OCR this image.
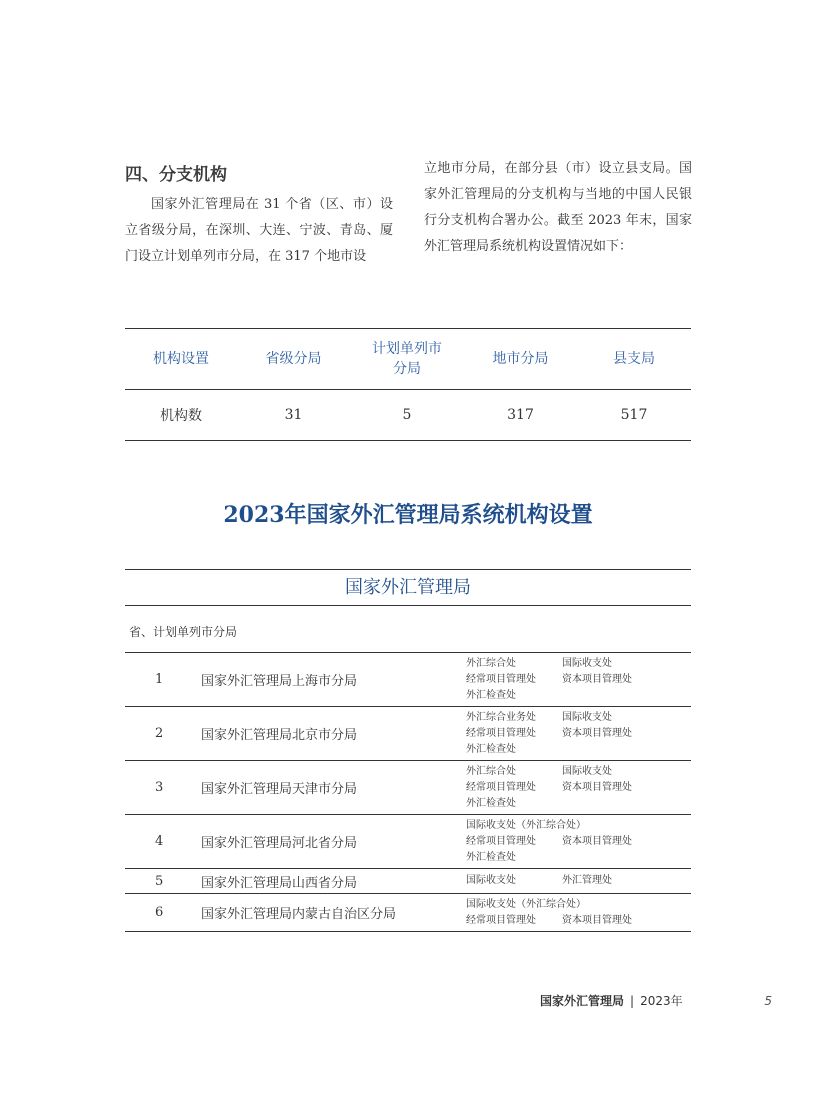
四、分支机构

国家外汇管理局在 31 个省（区、市）设立省级分局，在深圳、大连、宁波、青岛、厦门设立计划单列市分局，在 317 个地市设

立地市分局，在部分县（市）设立县支局。国家外汇管理局的分支机构与当地的中国人民银行分支机构合署办公。截至 2023 年末，国家外汇管理局系统机构设置情况如下：

机构设置	省级分局	计划单列市
分局	地市分局	县支局
机构数	31	5	317	517
2023年国家外汇管理局系统机构设置
国家外汇管理局
省、计划单列市分局
1	国家外汇管理局上海市分局
外汇综合处	国际收支处
经常项目管理处	资本项目管理处
外汇检查处
2	国家外汇管理局北京市分局
外汇综合业务处	国际收支处
经常项目管理处	资本项目管理处
外汇检查处
3	国家外汇管理局天津市分局
外汇综合处	国际收支处
经常项目管理处	资本项目管理处
外汇检查处
4	国家外汇管理局河北省分局
国际收支处（外汇综合处）
经常项目管理处	资本项目管理处
外汇检查处
5	国家外汇管理局山西省分局	国际收支处	外汇管理处
6	国家外汇管理局内蒙古自治区分局
国际收支处（外汇综合处）
经常项目管理处	资本项目管理处
国家外汇管理局 | 2023年	5
